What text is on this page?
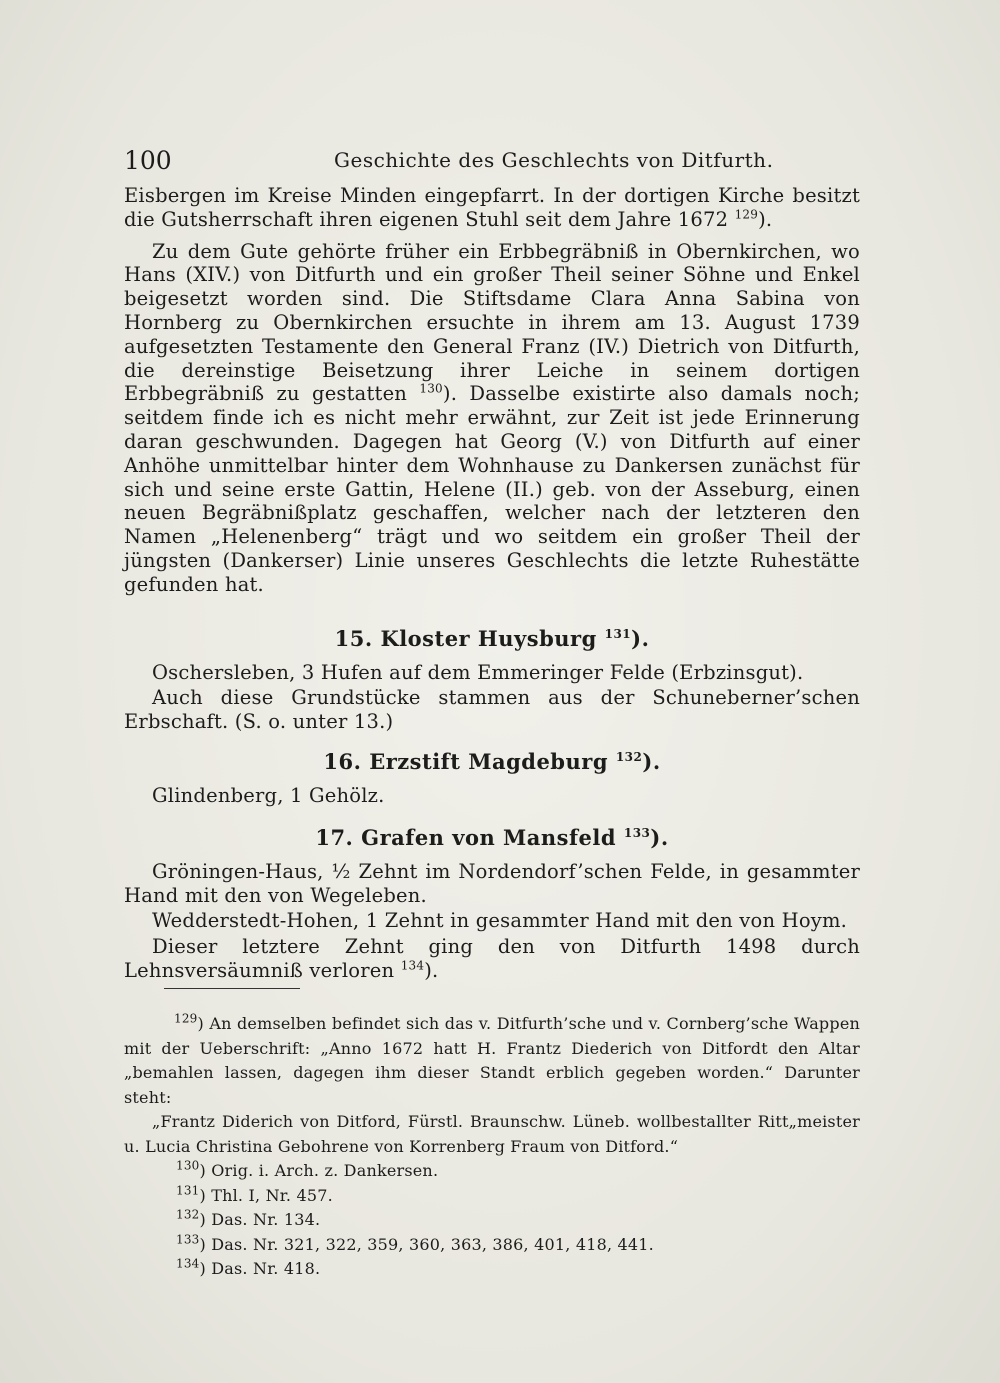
100	Geschichte des Geschlechts von Ditfurth.

Eisbergen im Kreise Minden eingepfarrt. In der dortigen Kirche besitzt die Gutsherrschaft ihren eigenen Stuhl seit dem Jahre 1672 $^{129}$).

Zu dem Gute gehörte früher ein Erbbegräbniß in Obernkirchen, wo Hans (XIV.) von Ditfurth und ein großer Theil seiner Söhne und Enkel beigesetzt worden sind. Die Stiftsdame Clara Anna Sabina von Hornberg zu Obernkirchen ersuchte in ihrem am 13. August 1739 aufgesetzten Testamente den General Franz (IV.) Dietrich von Ditfurth, die dereinstige Beisetzung ihrer Leiche in seinem dortigen Erbbegräbniß zu gestatten $^{130}$). Dasselbe existirte also damals noch; seitdem finde ich es nicht mehr erwähnt, zur Zeit ist jede Erinnerung daran geschwunden. Dagegen hat Georg (V.) von Ditfurth auf einer Anhöhe unmittelbar hinter dem Wohnhause zu Dankersen zunächst für sich und seine erste Gattin, Helene (II.) geb. von der Asseburg, einen neuen Begräbnißplatz geschaffen, welcher nach der letzteren den Namen „Helenenberg“ trägt und wo seitdem ein großer Theil der jüngsten (Dankerser) Linie unseres Geschlechts die letzte Ruhestätte gefunden hat.

15. Kloster Huysburg $^{131}$).

Oschersleben, 3 Hufen auf dem Emmeringer Felde (Erbzinsgut).

Auch diese Grundstücke stammen aus der Schuneberner’schen Erbschaft. (S. o. unter 13.)

16. Erzstift Magdeburg $^{132}$).

Glindenberg, 1 Gehölz.

17. Grafen von Mansfeld $^{133}$).

Gröningen-Haus, ½ Zehnt im Nordendorf’schen Felde, in gesammter Hand mit den von Wegeleben.

Wedderstedt-Hohen, 1 Zehnt in gesammter Hand mit den von Hoym.

Dieser letztere Zehnt ging den von Ditfurth 1498 durch Lehnsversäumniß verloren $^{134}$).

$^{129}$) An demselben befindet sich das v. Ditfurth’sche und v. Cornberg’sche Wappen mit der Ueberschrift: „Anno 1672 hatt H. Frantz Diederich von Ditfordt den Altar „bemahlen lassen, dagegen ihm dieser Standt erblich gegeben worden.“ Darunter steht:

„Frantz Diderich von Ditford, Fürstl. Braunschw. Lüneb. wollbestallter Ritt„meister u. Lucia Christina Gebohrene von Korrenberg Fraum von Ditford.“

$^{130}$) Orig. i. Arch. z. Dankersen.

$^{131}$) Thl. I, Nr. 457.

$^{132}$) Das. Nr. 134.

$^{133}$) Das. Nr. 321, 322, 359, 360, 363, 386, 401, 418, 441.

$^{134}$) Das. Nr. 418.
